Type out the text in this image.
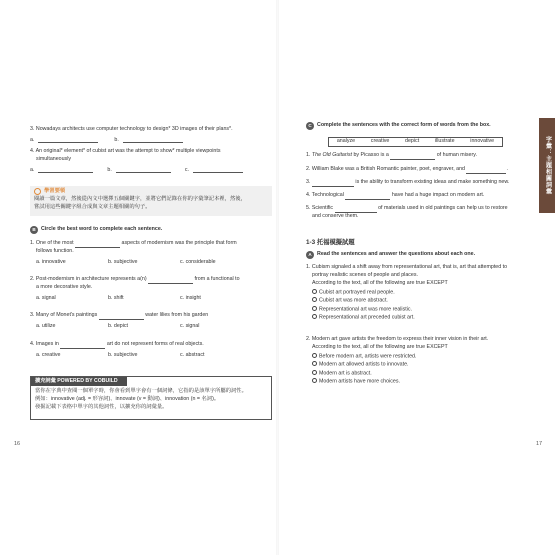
3. Nowadays architects use computer technology to design* 3D images of their plans*.
a.	b.
4. An original* element* of cubist art was the attempt to show* multiple viewpoints
simultaneously
a.	b.	c.
學習要領
閱讀一篇文章，然後從內文中選擇五個關鍵字，並將它們記錄在你的字彙筆記本裡，然後，
嘗試用這些關鍵字組合成與文章主題相關的句子。
B	Circle the best word to complete each sentence.
1. One of the most	aspects of modernism was the principle that form
follows function.
a. innovative	b. subjective	c. considerable
2. Post-modernism in architecture represents a(n)	from a functional to
a more decorative style.
a. signal	b. shift	c. insight
3. Many of Monet's paintings	water lilies from his garden
a. utilize	b. depict	c. signal
4. Images in	art do not represent forms of real objects.
a. creative	b. subjective	c. abstract
擴充詞彙 POWERED BY COBUILD
當你在字典中查閱一個單字時，你會看到單字會有一個詞條，它指的是該單字所屬的詞性。
例如：innovative (adj. = 形容詞)、innovate (v = 動詞)、innovation (n = 名詞)。
發掘記載下表格中單字的其他詞性，以擴充你的詞彙量。
16
C	Complete the sentences with the correct form of words from the box.
analyze	creative	depict	illustrate	innovative
1. The Old Guitarist by Picasso is a	of human misery.
2. William Blake was a British Romantic painter, poet, engraver, and	.
3.	is the ability to transform existing ideas and make something new.
4. Technological	have had a huge impact on modern art.
5. Scientific	of materials used in old paintings can help us to restore
and conserve them.
1-3 托福模擬試題
A	Read the sentences and answer the questions about each one.
1. Cubism signaled a shift away from representational art, that is, art that attempted to
portray realistic scenes of people and places.
According to the text, all of the following are true EXCEPT
Cubist art portrayed real people.
Cubist art was more abstract.
Representational art was more realistic.
Representational art preceded cubist art.
2. Modern art gave artists the freedom to express their inner vision in their art.
According to the text, all of the following are true EXCEPT
Before modern art, artists were restricted.
Modern art allowed artists to innovate.
Modern art is abstract.
Modern artists have more choices.
17
字彙：主題相關詞彙
